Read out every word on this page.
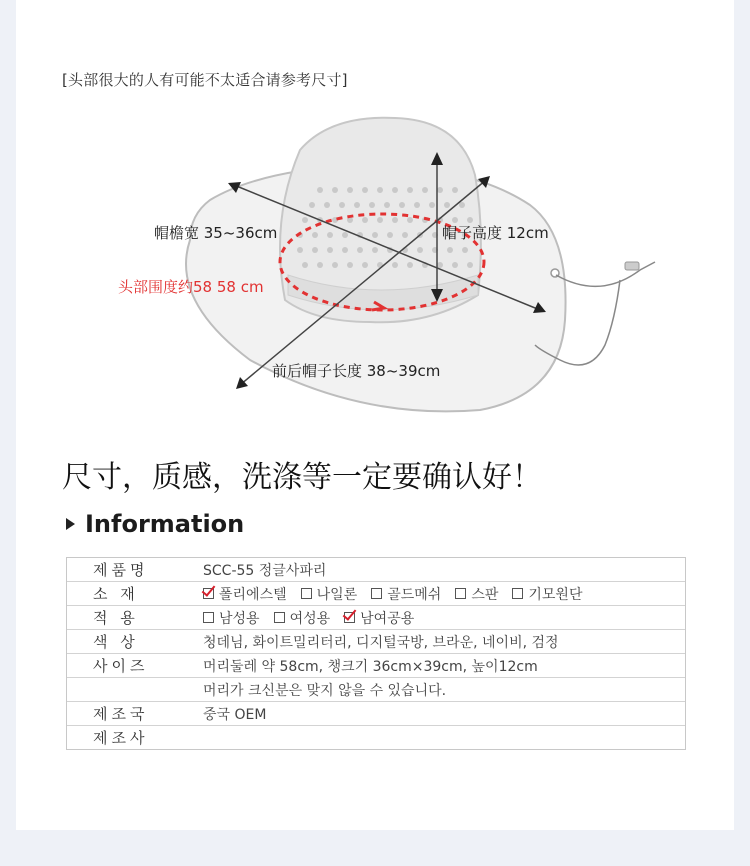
[头部很大的人有可能不太适合请参考尺寸]
帽檐宽 35~36cm	帽子高度 12cm
头部围度约58 58 cm
前后帽子长度 38~39cm
尺寸，质感，洗涤等一定要确认好！
Information
제품명	SCC-55 정글사파리
소 재	폴리에스텔 나일론 골드메쉬 스판 기모원단
적 용	남성용 여성용 남여공용
색 상	청데님, 화이트밀리터리, 디지털국방, 브라운, 네이비, 검정
사이즈	머리둘레 약 58cm, 챙크기 36cm×39cm, 높이12cm
머리가 크신분은 맞지 않을 수 있습니다.
제조국	중국 OEM
제조사
